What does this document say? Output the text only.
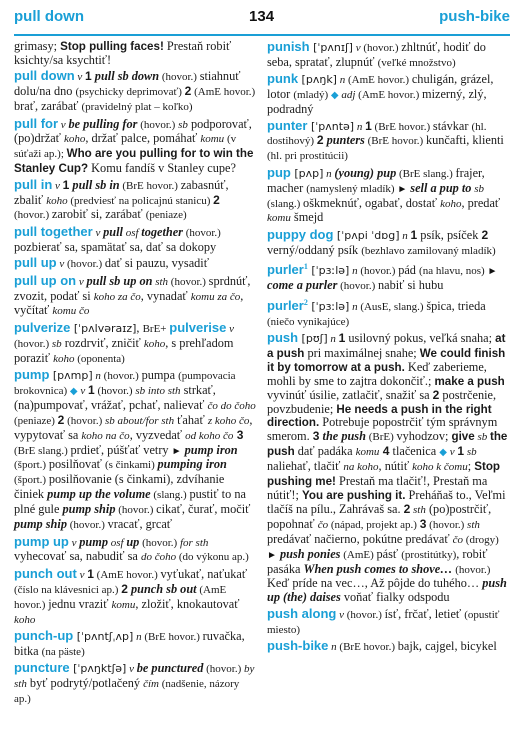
pull down	134	push-bike
grimasy; Stop pulling faces! Prestaň robiť ksichty/sa ksychtiť!
pull down v 1 pull sb down (hovor.) stiahnuť dolu/na dno (psychicky deprimovať) 2 (AmE hovor.) brať, zarábať (pravidelný plat – koľko)
pull for v be pulling for (hovor.) sb podporovať, (po)držať koho, držať palce, pomáhať komu (v súťaži ap.); Who are you pulling for to win the Stanley Cup? Komu fandíš v Stanley cupe?
pull in v 1 pull sb in (BrE hovor.) zabasnúť, zbaliť koho (predviesť na policajnú stanicu) 2 (hovor.) zarobiť si, zarábať (peniaze)
pull together v pull osf together (hovor.) pozbierať sa, spamätať sa, dať sa dokopy
pull up v (hovor.) dať si pauzu, vysadiť
pull up on v pull sb up on sth (hovor.) sprdnúť, zvozit, podať si koho za čo, vynadať komu za čo, vyčítať komu čo
pulverize [ˈpʌlvəraɪz], BrE+ pulverise v (hovor.) sb rozdrviť, zničiť koho, s prehľadom poraziť koho (oponenta)
pump [pʌmp] n (hovor.) pumpa (pumpovacia brokovnica) ◆ v 1 (hovor.) sb into sth strkať, (na)pumpovať, vrážať, pchať, nalievať čo do čoho (peniaze) 2 (hovor.) sb about/for sth ťahať z koho čo, vypytovať sa koho na čo, vyzvedať od koho čo 3 (BrE slang.) prdieť, púšťať vetry ► pump iron (šport.) posilňovať (s činkami) pumping iron (šport.) posilňovanie (s činkami), zdvíhanie činiek pump up the volume (slang.) pustiť to na plné gule pump ship (hovor.) cikať, čurať, močiť pump ship (hovor.) vracať, grcať
pump up v pump osf up (hovor.) for sth vyhecovať sa, nabudiť sa do čoho (do výkonu ap.)
punch out v 1 (AmE hovor.) vyťukať, naťukať (číslo na klávesnici ap.) 2 punch sb out (AmE hovor.) jednu vraziť komu, zložiť, knokautovať koho
punch-up [ˈpʌntʃˌʌp] n (BrE hovor.) ruvačka, bitka (na päste)
puncture [ˈpʌŋktʃə] v be punctured (hovor.) by sth byť podrytý/potlačený čím (nadšenie, názory ap.)
punish [ˈpʌnɪʃ] v (hovor.) zhltnúť, hodiť do seba, spratať, zlupnúť (veľké množstvo)
punk [pʌŋk] n (AmE hovor.) chuligán, grázel, lotor (mladý) ◆ adj (AmE hovor.) mizerný, zlý, podradný
punter [ˈpʌntə] n 1 (BrE hovor.) stávkar (hl. dostihový) 2 punters (BrE hovor.) kunčafti, klienti (hl. pri prostitúcii)
pup [pʌp] n (young) pup (BrE slang.) frajer, macher (namyslený mladík) ► sell a pup to sb (slang.) oškmeknúť, ogabať, dostať koho, predať komu šmejd
puppy dog [ˈpʌpi ˈdɒg] n 1 psík, psíček 2 verný/oddaný psík (bezhlavo zamilovaný mladík)
purler$^1$ [ˈpɜːlə] n (hovor.) pád (na hlavu, nos) ► come a purler (hovor.) nabiť si hubu
purler$^2$ [ˈpɜːlə] n (AusE, slang.) špica, trieda (niečo vynikajúce)
push [pʊʃ] n 1 usilovný pokus, veľká snaha; at a push pri maximálnej snahe; We could finish it by tomorrow at a push. Keď zaberieme, mohli by sme to zajtra dokončiť.; make a push vyvinúť úsilie, zatlačiť, snažiť sa 2 postrčenie, povzbudenie; He needs a push in the right direction. Potrebuje popostrčiť tým správnym smerom. 3 the push (BrE) vyhodzov; give sb the push dať padáka komu 4 tlačenica ◆ v 1 sb naliehať, tlačiť na koho, nútiť koho k čomu; Stop pushing me! Prestaň ma tlačiť!, Prestaň ma nútiť!; You are pushing it. Preháňaš to., Veľmi tlačíš na pílu., Zahrávaš sa. 2 sth (po)postrčiť, popohnať čo (nápad, projekt ap.) 3 (hovor.) sth predávať načierno, pokútne predávať čo (drogy) ► push ponies (AmE) pásť (prostitútky), robiť pasáka When push comes to shove… (hovor.) Keď príde na vec…, Až pôjde do tuhého… push up (the) daises voňať fialky odspodu
push along v (hovor.) ísť, frčať, letieť (opustiť miesto)
push-bike n (BrE hovor.) bajk, cajgel, bicykel
